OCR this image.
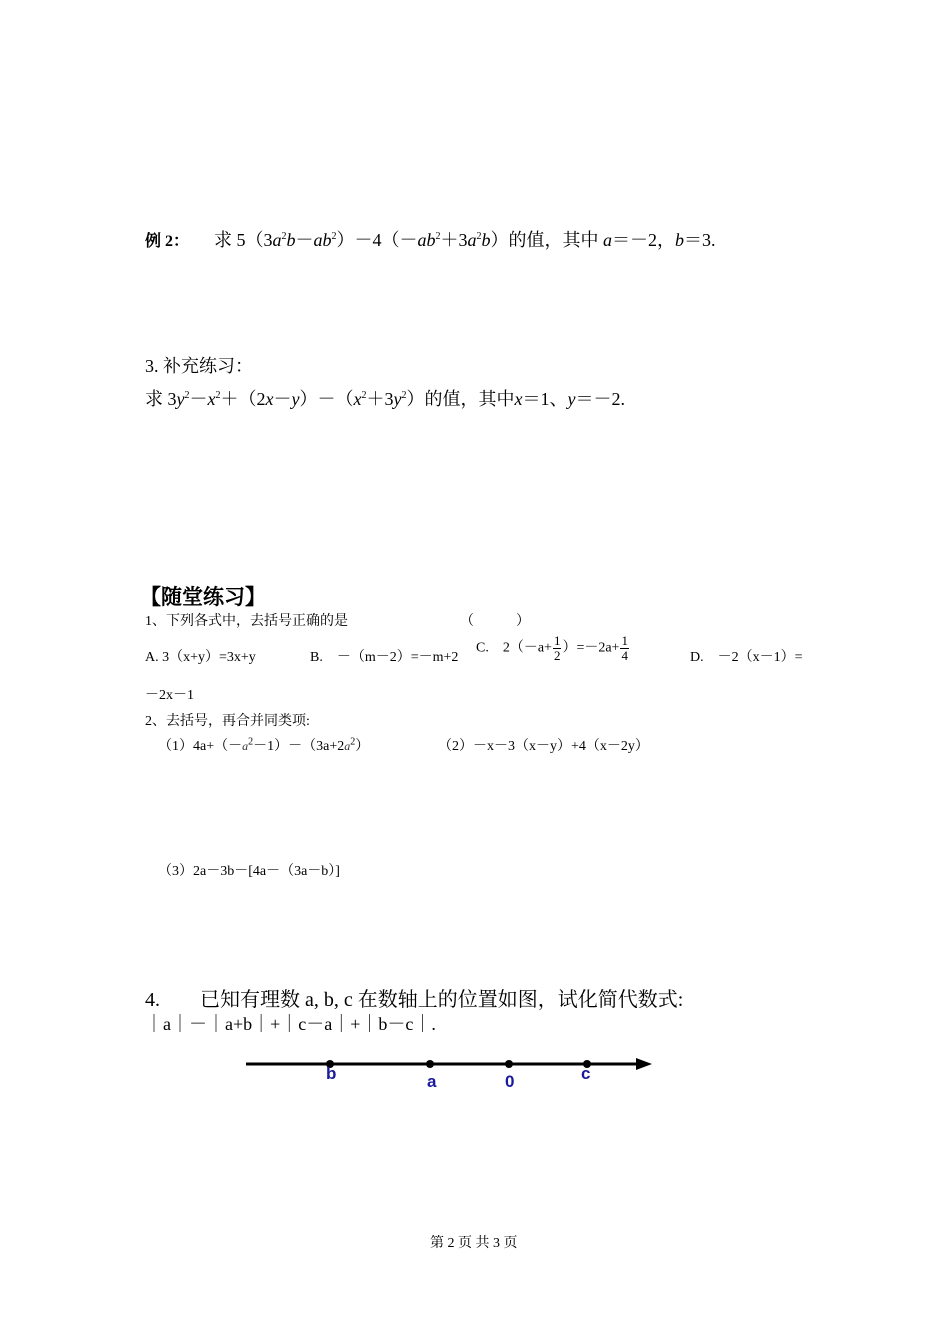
例 2： 求 $5(3a^2b-ab^2)-4(-ab^2+3a^2b)$的值，其中 a＝－2，b＝3.
3. 补充练习：
求 $3y^2-x^2+(2x-y)-(x^2+3y^2)$的值，其中x＝1、y＝－2.
【随堂练习】
1、下列各式中，去括号正确的是	（　　　）
A. 3（x+y）=3x+y	B.　－（m－2）=－m+2
C.　$2(-a+ \frac{1}{2} )=-2a+ \frac{1}{4}$	D.　－2（x－1）=
－2x－1
2、去括号，再合并同类项:
$(1)4a+(-a^2-1)-(3a+2a^2)$	（2）－x－3（x－y）+4（x－2y）
（3）2a－3b－[4a－（3a－b）]
4.　　已知有理数 a, b, c 在数轴上的位置如图，试化简代数式:
｜a｜－｜a+b｜+｜c－a｜+｜b－c｜.
b	a	0	c
第 2 页 共 3 页
